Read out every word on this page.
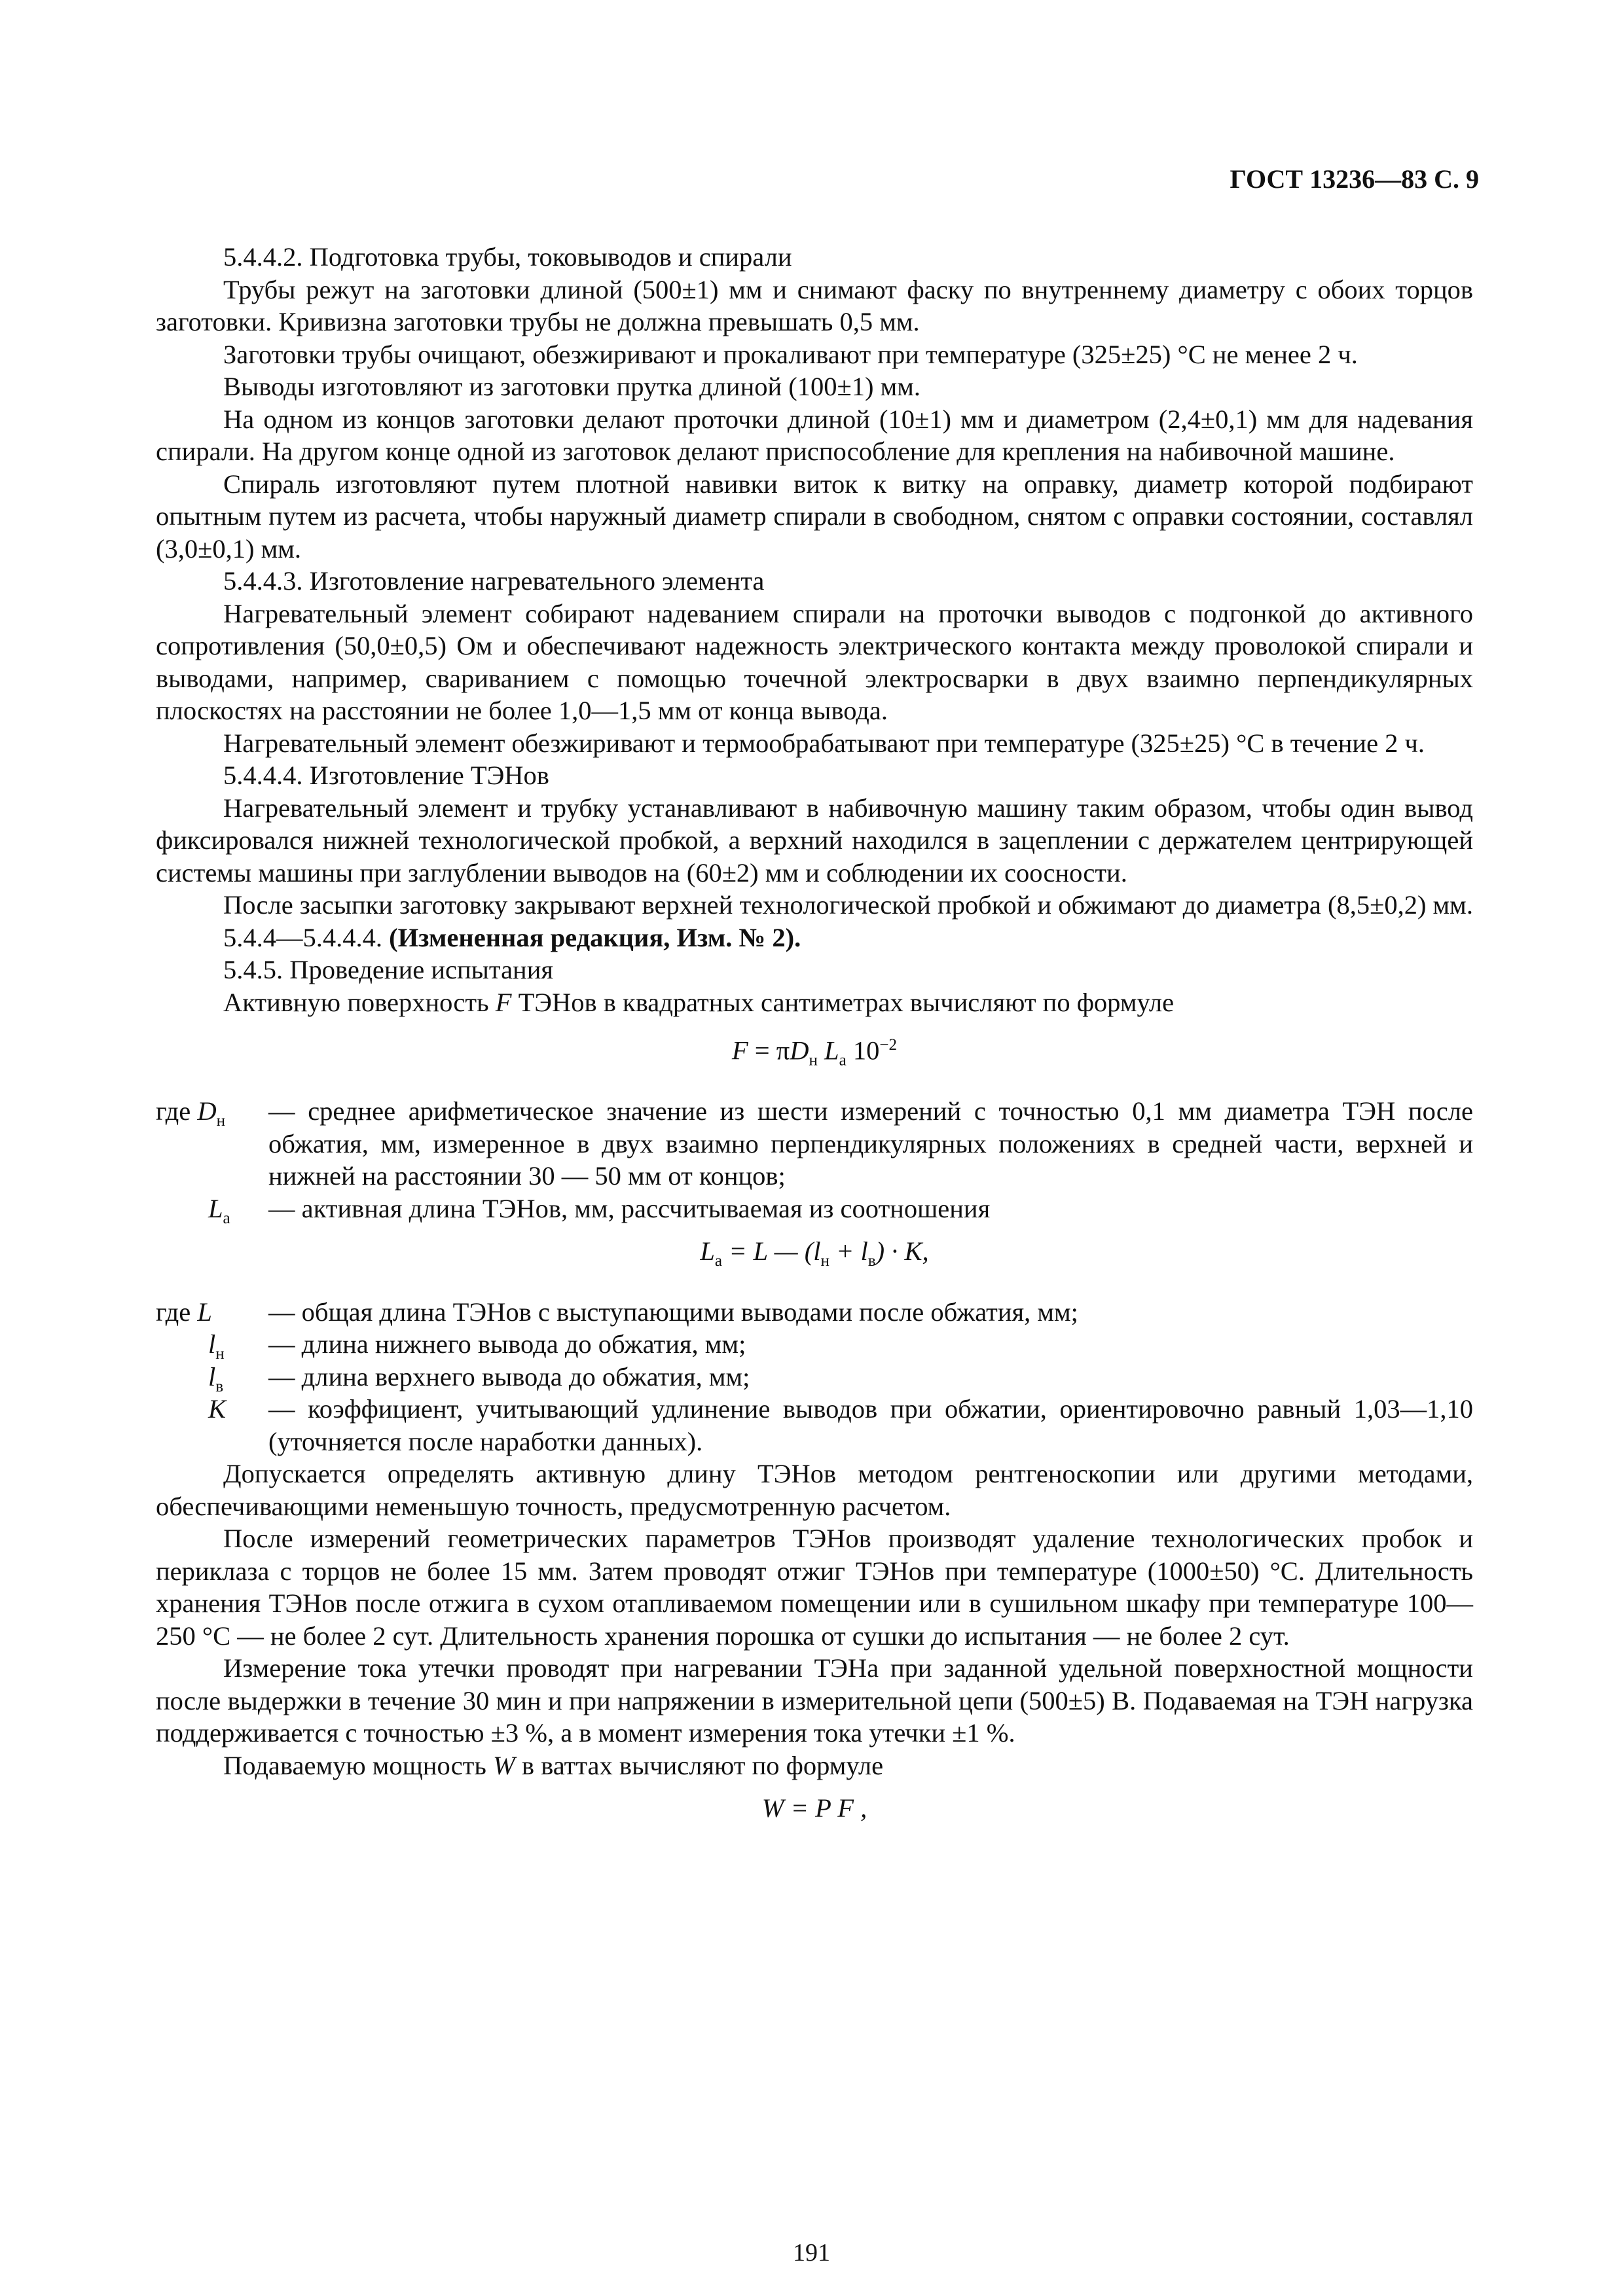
ГОСТ 13236—83 С. 9

5.4.4.2. Подготовка трубы, токовыводов и спирали

Трубы режут на заготовки длиной (500±1) мм и снимают фаску по внутреннему диаметру с обоих торцов заготовки. Кривизна заготовки трубы не должна превышать 0,5 мм.

Заготовки трубы очищают, обезжиривают и прокаливают при температуре (325±25) °С не менее 2 ч.

Выводы изготовляют из заготовки прутка длиной (100±1) мм.

На одном из концов заготовки делают проточки длиной (10±1) мм и диаметром (2,4±0,1) мм для надевания спирали. На другом конце одной из заготовок делают приспособление для крепления на набивочной машине.

Спираль изготовляют путем плотной навивки виток к витку на оправку, диаметр которой подбирают опытным путем из расчета, чтобы наружный диаметр спирали в свободном, снятом с оправки состоянии, составлял (3,0±0,1) мм.

5.4.4.3. Изготовление нагревательного элемента

Нагревательный элемент собирают надеванием спирали на проточки выводов с подгонкой до активного сопротивления (50,0±0,5) Ом и обеспечивают надежность электрического контакта между проволокой спирали и выводами, например, свариванием с помощью точечной электросварки в двух взаимно перпендикулярных плоскостях на расстоянии не более 1,0—1,5 мм от конца вывода.

Нагревательный элемент обезжиривают и термообрабатывают при температуре (325±25) °С в течение 2 ч.

5.4.4.4. Изготовление ТЭНов

Нагревательный элемент и трубку устанавливают в набивочную машину таким образом, чтобы один вывод фиксировался нижней технологической пробкой, а верхний находился в зацеплении с держателем центрирующей системы машины при заглублении выводов на (60±2) мм и соблюдении их соосности.

После засыпки заготовку закрывают верхней технологической пробкой и обжимают до диаметра (8,5±0,2) мм.

5.4.4—5.4.4.4. (Измененная редакция, Изм. № 2).

5.4.5. Проведение испытания

Активную поверхность F ТЭНов в квадратных сантиметрах вычисляют по формуле

$F = \pi D_н$ $L_а$ $10^{-2}$
где $D_н$	— среднее арифметическое значение из шести измерений с точностью 0,1 мм диаметра ТЭН после обжатия, мм, измеренное в двух взаимно перпендикулярных положениях в средней части, верхней и нижней на расстоянии 30 — 50 мм от концов;
$L_а$	— активная длина ТЭНов, мм, рассчитываемая из соотношения
$L_а = L$ — $(l_н + l_в) \cdot K$,
где L	— общая длина ТЭНов с выступающими выводами после обжатия, мм;
$l_н$	— длина нижнего вывода до обжатия, мм;
$l_в$	— длина верхнего вывода до обжатия, мм;
K	— коэффициент, учитывающий удлинение выводов при обжатии, ориентировочно равный 1,03—1,10 (уточняется после наработки данных).

Допускается определять активную длину ТЭНов методом рентгеноскопии или другими методами, обеспечивающими неменьшую точность, предусмотренную расчетом.

После измерений геометрических параметров ТЭНов производят удаление технологических пробок и периклаза с торцов не более 15 мм. Затем проводят отжиг ТЭНов при температуре (1000±50) °С. Длительность хранения ТЭНов после отжига в сухом отапливаемом помещении или в сушильном шкафу при температуре 100—250 °С — не более 2 сут. Длительность хранения порошка от сушки до испытания — не более 2 сут.

Измерение тока утечки проводят при нагревании ТЭНа при заданной удельной поверхностной мощности после выдержки в течение 30 мин и при напряжении в измерительной цепи (500±5) В. Подаваемая на ТЭН нагрузка поддерживается с точностью ±3 %, а в момент измерения тока утечки ±1 %.

Подаваемую мощность W в ваттах вычисляют по формуле

W = P F ,
191
